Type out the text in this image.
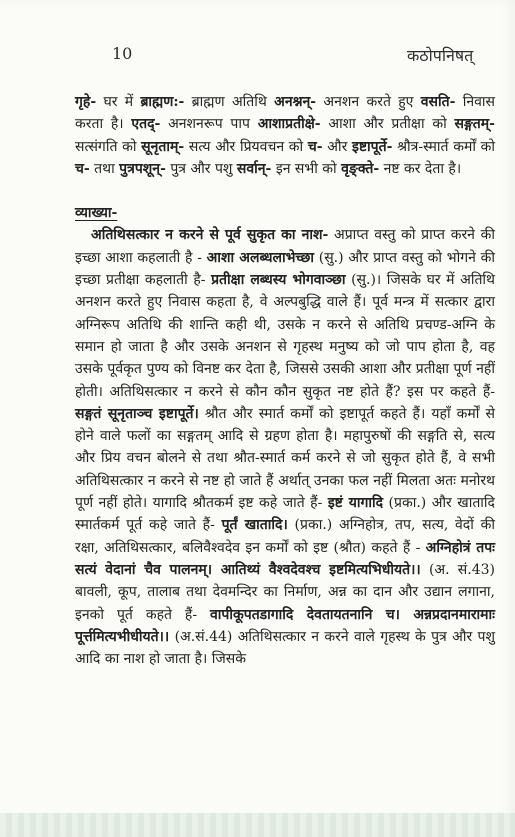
10	कठोपनिषत्

गृहे- घर में ब्राह्मण:- ब्राह्मण अतिथि अनश्नन्- अनशन करते हुए वसति- निवास करता है। एतद्- अनशनरूप पाप आशाप्रतीक्षे- आशा और प्रतीक्षा को सङ्गतम्- सत्संगति को सूनृताम्- सत्य और प्रियवचन को च- और इष्टापूर्ते- श्रौत्र-स्मार्त कर्मों को च- तथा पुत्रपशून्- पुत्र और पशु सर्वान्- इन सभी को वृङ्क्ते- नष्ट कर देता है।

व्याख्या-

अतिथिसत्कार न करने से पूर्व सुकृत का नाश- अप्राप्त वस्तु को प्राप्त करने की इच्छा आशा कहलाती है - आशा अलब्धलाभेच्छा (सु.) और प्राप्त वस्तु को भोगने की इच्छा प्रतीक्षा कहलाती है- प्रतीक्षा लब्धस्य भोगवाञ्छा (सु.)। जिसके घर में अतिथि अनशन करते हुए निवास कहता है, वे अल्पबुद्धि वाले हैं। पूर्व मन्त्र में सत्कार द्वारा अग्निरूप अतिथि की शान्ति कही थी, उसके न करने से अतिथि प्रचण्ड-अग्नि के समान हो जाता है और उसके अनशन से गृहस्थ मनुष्य को जो पाप होता है, वह उसके पूर्वकृत पुण्य को विनष्ट कर देता है, जिससे उसकी आशा और प्रतीक्षा पूर्ण नहीं होती। अतिथिसत्कार न करने से कौन कौन सुकृत नष्ट होते हैं? इस पर कहते हैं- सङ्गतं सूनृताञ्च इष्टापूर्ते। श्रौत और स्मार्त कर्मों को इष्टापूर्त कहते हैं। यहाँ कर्मों से होने वाले फलों का सङ्गतम् आदि से ग्रहण होता है। महापुरुषों की सङ्गति से, सत्य और प्रिय वचन बोलने से तथा श्रौत-स्मार्त कर्म करने से जो सुकृत होते हैं, वे सभी अतिथिसत्कार न करने से नष्ट हो जाते हैं अर्थात् उनका फल नहीं मिलता अतः मनोरथ पूर्ण नहीं होते। यागादि श्रौतकर्म इष्ट कहे जाते हैं- इष्टं यागादि (प्रका.) और खातादि स्मार्तकर्म पूर्त कहे जाते हैं- पूर्तं खातादि। (प्रका.) अग्निहोत्र, तप, सत्य, वेदों की रक्षा, अतिथिसत्कार, बलिवैश्वदेव इन कर्मों को इष्ट (श्रौत) कहते हैं - अग्निहोत्रं तपः सत्यं वेदानां चैव पालनम्। आतिथ्यं वैश्वदेवश्च इष्टमित्यभिधीयते।। (अ. सं.43) बावली, कूप, तालाब तथा देवमन्दिर का निर्माण, अन्न का दान और उद्यान लगाना, इनको पूर्त कहते हैं- वापीकूपतडागादि देवतायतनानि च। अन्नप्रदानमारामाः पूर्त्तमित्यभीधीयते।। (अ.सं.44) अतिथिसत्कार न करने वाले गृहस्थ के पुत्र और पशु आदि का नाश हो जाता है। जिसके
